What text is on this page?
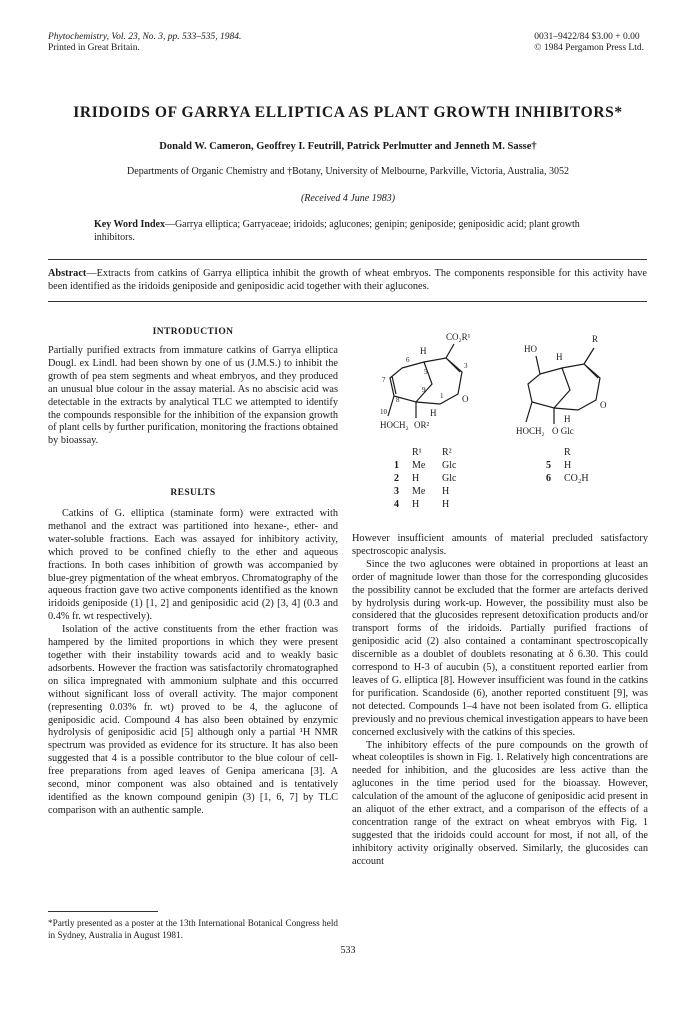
Phytochemistry, Vol. 23, No. 3, pp. 533–535, 1984.
Printed in Great Britain.
0031–9422/84 $3.00 + 0.00
© 1984 Pergamon Press Ltd.
IRIDOIDS OF GARRYA ELLIPTICA AS PLANT GROWTH INHIBITORS*
Donald W. Cameron, Geoffrey I. Feutrill, Patrick Perlmutter and Jenneth M. Sasse†
Departments of Organic Chemistry and †Botany, University of Melbourne, Parkville, Victoria, Australia, 3052
(Received 4 June 1983)
Key Word Index—Garrya elliptica; Garryaceae; iridoids; aglucones; genipin; geniposide; geniposidic acid; plant growth inhibitors.
Abstract—Extracts from catkins of Garrya elliptica inhibit the growth of wheat embryos. The components responsible for this activity have been identified as the iridoids geniposide and geniposidic acid together with their aglucones.
INTRODUCTION

Partially purified extracts from immature catkins of Garrya elliptica Dougl. ex Lindl. had been shown by one of us (J.M.S.) to inhibit the growth of pea stem segments and wheat embryos, and they produced an unusual blue colour in the assay material. As no abscisic acid was detectable in the extracts by analytical TLC we attempted to identify the compounds responsible for the inhibition of the expansion growth of plant cells by further purification, monitoring the fractions obtained by bioassay.

RESULTS

Catkins of G. elliptica (staminate form) were extracted with methanol and the extract was partitioned into hexane-, ether- and water-soluble fractions. Each was assayed for inhibitory activity, which proved to be confined chiefly to the ether and aqueous fractions. In both cases inhibition of growth was accompanied by blue-grey pigmentation of the wheat embryos. Chromatography of the aqueous fraction gave two active components identified as the known iridoids geniposide (1) [1, 2] and geniposidic acid (2) [3, 4] (0.3 and 0.4% fr. wt respectively).

Isolation of the active constituents from the ether fraction was hampered by the limited proportions in which they were present together with their instability towards acid and to weakly basic adsorbents. However the fraction was satisfactorily chromatographed on silica impregnated with ammonium sulphate and this occurred without significant loss of overall activity. The major component (representing 0.03% fr. wt) proved to be 4, the aglucone of geniposidic acid. Compound 4 has also been obtained by enzymic hydrolysis of geniposidic acid [5] although only a partial ¹H NMR spectrum was provided as evidence for its structure. It has also been suggested that 4 is a possible contributor to the blue colour of cell-free preparations from aged leaves of Genipa americana [3]. A second, minor component was also obtained and is tentatively identified as the known compound genipin (3) [1, 6, 7] by TLC comparison with an authentic sample.

*Partly presented as a poster at the 13th International Botanical Congress held in Sydney, Australia in August 1981.
CO₂R¹
H
HOCH₂ OR²
H
O
6
5
7
9
8	1
3
10
R
HO
H
HOCH₂ O Glc
H
O
R¹ R²
1 Me Glc
2 H Glc
3 Me H
4 H H
R
5 H
6 CO₂H

However insufficient amounts of material precluded satisfactory spectroscopic analysis.

Since the two aglucones were obtained in proportions at least an order of magnitude lower than those for the corresponding glucosides the possibility cannot be excluded that the former are artefacts derived by hydrolysis during work-up. However, the possibility must also be considered that the glucosides represent detoxification products and/or transport forms of the iridoids. Partially purified fractions of geniposidic acid (2) also contained a contaminant spectroscopically discernible as a doublet of doublets resonating at δ 6.30. This could correspond to H-3 of aucubin (5), a constituent reported earlier from leaves of G. elliptica [8]. However insufficient was found in the catkins for purification. Scandoside (6), another reported constituent [9], was not detected. Compounds 1–4 have not been isolated from G. elliptica previously and no previous chemical investigation appears to have been concerned exclusively with the catkins of this species.

The inhibitory effects of the pure compounds on the growth of wheat coleoptiles is shown in Fig. 1. Relatively high concentrations are needed for inhibition, and the glucosides are less active than the aglucones in the time period used for the bioassay. However, calculation of the amount of the aglucone of geniposidic acid present in an aliquot of the ether extract, and a comparison of the effects of a concentration range of the extract on wheat embryos with Fig. 1 suggested that the iridoids could account for most, if not all, of the inhibitory activity originally observed. Similarly, the glucosides can account

533
